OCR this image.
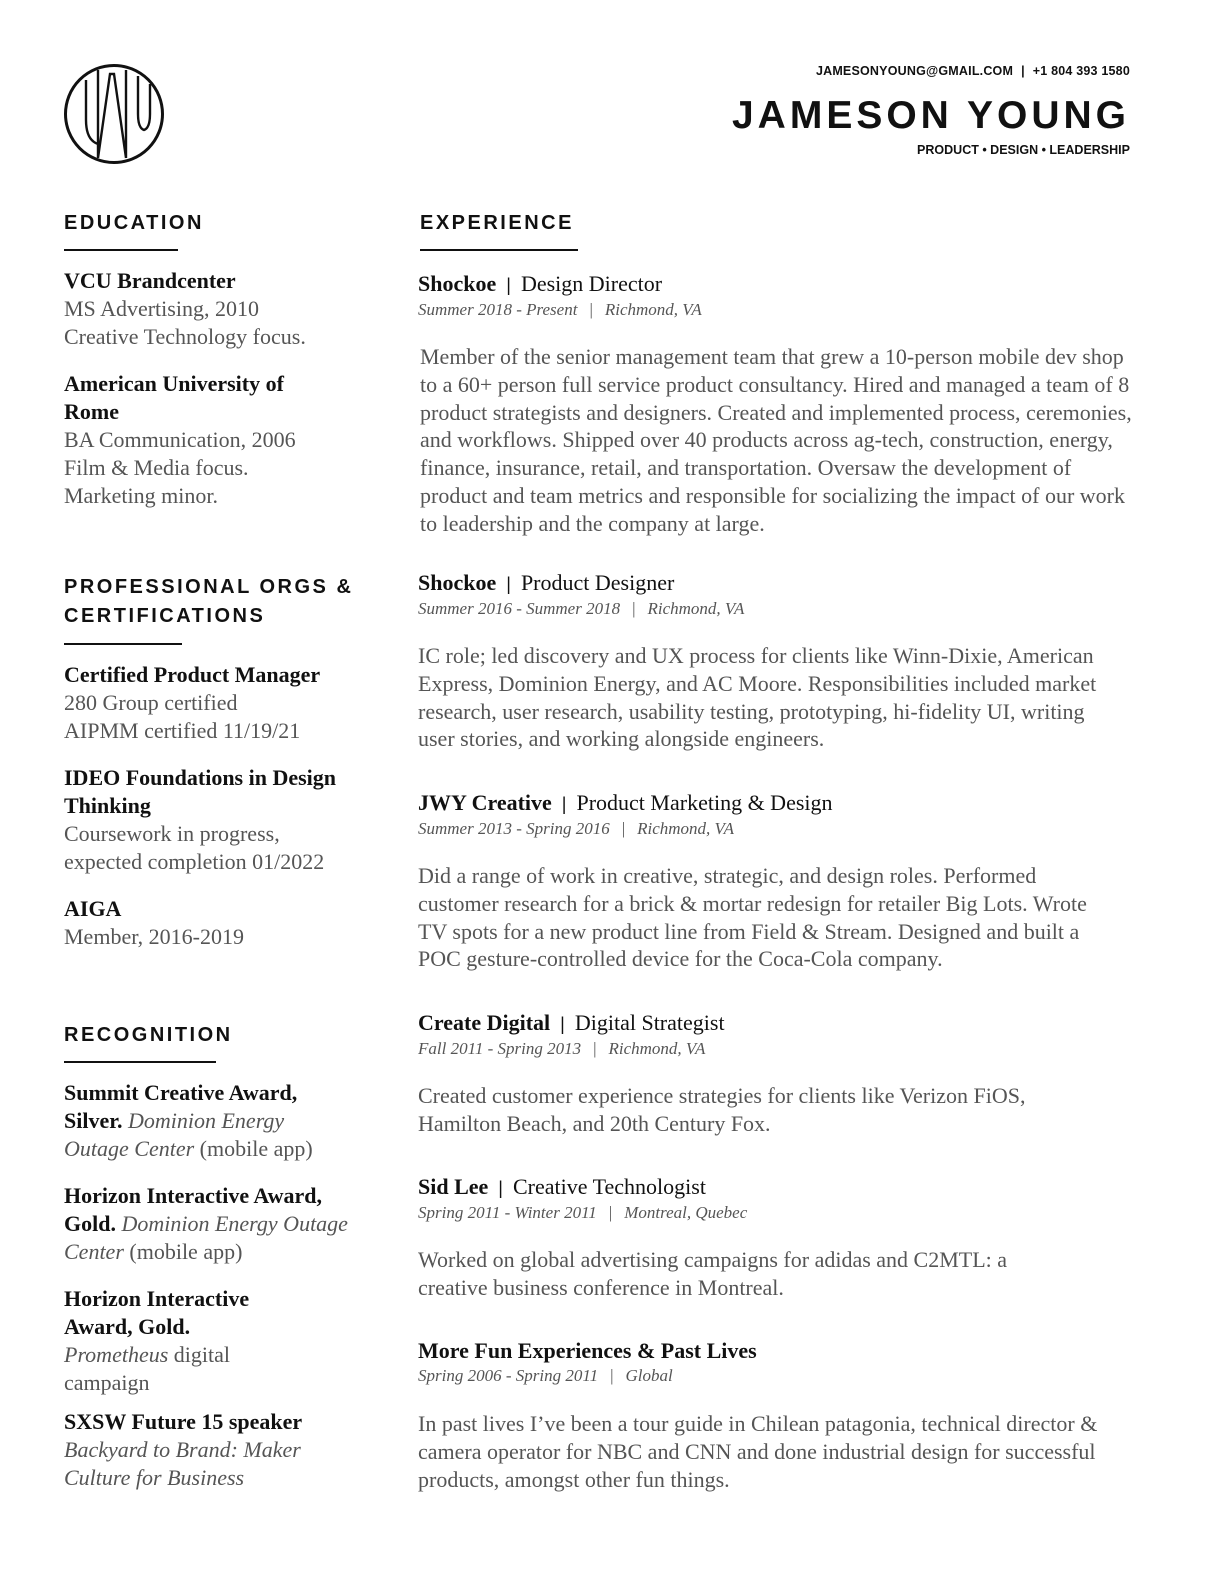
JAMESONYOUNG@GMAIL.COM | +1 804 393 1580
JAMESON YOUNG
PRODUCT • DESIGN • LEADERSHIP
EDUCATION
VCU Brandcenter
MS Advertising, 2010
Creative Technology focus.
American University of Rome
BA Communication, 2006
Film & Media focus.
Marketing minor.
PROFESSIONAL ORGS &
CERTIFICATIONS
Certified Product Manager
280 Group certified
AIPMM certified 11/19/21
IDEO Foundations in Design Thinking
Coursework in progress,
expected completion 01/2022
AIGA
Member, 2016-2019
RECOGNITION
Summit Creative Award, Silver. Dominion Energy Outage Center (mobile app)
Horizon Interactive Award, Gold. Dominion Energy Outage Center (mobile app)
Horizon Interactive Award, Gold. Prometheus digital campaign
SXSW Future 15 speaker
Backyard to Brand: Maker Culture for Business
EXPERIENCE
Shockoe | Design Director
Summer 2018 - Present | Richmond, VA
Member of the senior management team that grew a 10-person mobile dev shop to a 60+ person full service product consultancy. Hired and managed a team of 8 product strategists and designers. Created and implemented process, ceremonies, and workflows. Shipped over 40 products across ag-tech, construction, energy, finance, insurance, retail, and transportation. Oversaw the development of product and team metrics and responsible for socializing the impact of our work to leadership and the company at large.
Shockoe | Product Designer
Summer 2016 - Summer 2018 | Richmond, VA
IC role; led discovery and UX process for clients like Winn-Dixie, American Express, Dominion Energy, and AC Moore. Responsibilities included market research, user research, usability testing, prototyping, hi-fidelity UI, writing user stories, and working alongside engineers.
JWY Creative | Product Marketing & Design
Summer 2013 - Spring 2016 | Richmond, VA
Did a range of work in creative, strategic, and design roles. Performed customer research for a brick & mortar redesign for retailer Big Lots. Wrote TV spots for a new product line from Field & Stream. Designed and built a POC gesture-controlled device for the Coca-Cola company.
Create Digital | Digital Strategist
Fall 2011 - Spring 2013 | Richmond, VA
Created customer experience strategies for clients like Verizon FiOS, Hamilton Beach, and 20th Century Fox.
Sid Lee | Creative Technologist
Spring 2011 - Winter 2011 | Montreal, Quebec
Worked on global advertising campaigns for adidas and C2MTL: a creative business conference in Montreal.
More Fun Experiences & Past Lives
Spring 2006 - Spring 2011 | Global
In past lives I’ve been a tour guide in Chilean patagonia, technical director & camera operator for NBC and CNN and done industrial design for successful products, amongst other fun things.
